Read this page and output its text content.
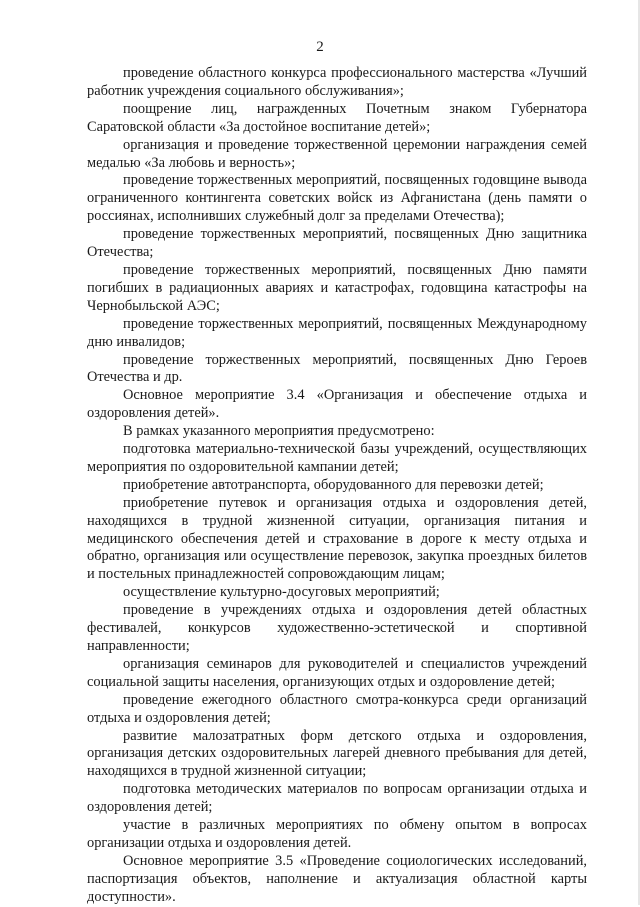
2

проведение областного конкурса профессионального мастерства «Лучший работник учреждения социального обслуживания»;

поощрение лиц, награжденных Почетным знаком Губернатора Саратовской области «За достойное воспитание детей»;

организация и проведение торжественной церемонии награждения семей медалью «За любовь и верность»;

проведение торжественных мероприятий, посвященных годовщине вывода ограниченного контингента советских войск из Афганистана (день памяти о россиянах, исполнивших служебный долг за пределами Отечества);

проведение торжественных мероприятий, посвященных Дню защитника Отечества;

проведение торжественных мероприятий, посвященных Дню памяти погибших в радиационных авариях и катастрофах, годовщина катастрофы на Чернобыльской АЭС;

проведение торжественных мероприятий, посвященных Международному дню инвалидов;

проведение торжественных мероприятий, посвященных Дню Героев Отечества и др.

Основное мероприятие 3.4 «Организация и обеспечение отдыха и оздоровления детей».

В рамках указанного мероприятия предусмотрено:

подготовка материально-технической базы учреждений, осуществляющих мероприятия по оздоровительной кампании детей;

приобретение автотранспорта, оборудованного для перевозки детей;

приобретение путевок и организация отдыха и оздоровления детей, находящихся в трудной жизненной ситуации, организация питания и медицинского обеспечения детей и страхование в дороге к месту отдыха и обратно, организация или осуществление перевозок, закупка проездных билетов и постельных принадлежностей сопровождающим лицам;

осуществление культурно-досуговых мероприятий;

проведение в учреждениях отдыха и оздоровления детей областных фестивалей, конкурсов художественно-эстетической и спортивной направленности;

организация семинаров для руководителей и специалистов учреждений социальной защиты населения, организующих отдых и оздоровление детей;

проведение ежегодного областного смотра-конкурса среди организаций отдыха и оздоровления детей;

развитие малозатратных форм детского отдыха и оздоровления, организация детских оздоровительных лагерей дневного пребывания для детей, находящихся в трудной жизненной ситуации;

подготовка методических материалов по вопросам организации отдыха и оздоровления детей;

участие в различных мероприятиях по обмену опытом в вопросах организации отдыха и оздоровления детей.

Основное мероприятие 3.5 «Проведение социологических исследований, паспортизация объектов, наполнение и актуализация областной карты доступности».
